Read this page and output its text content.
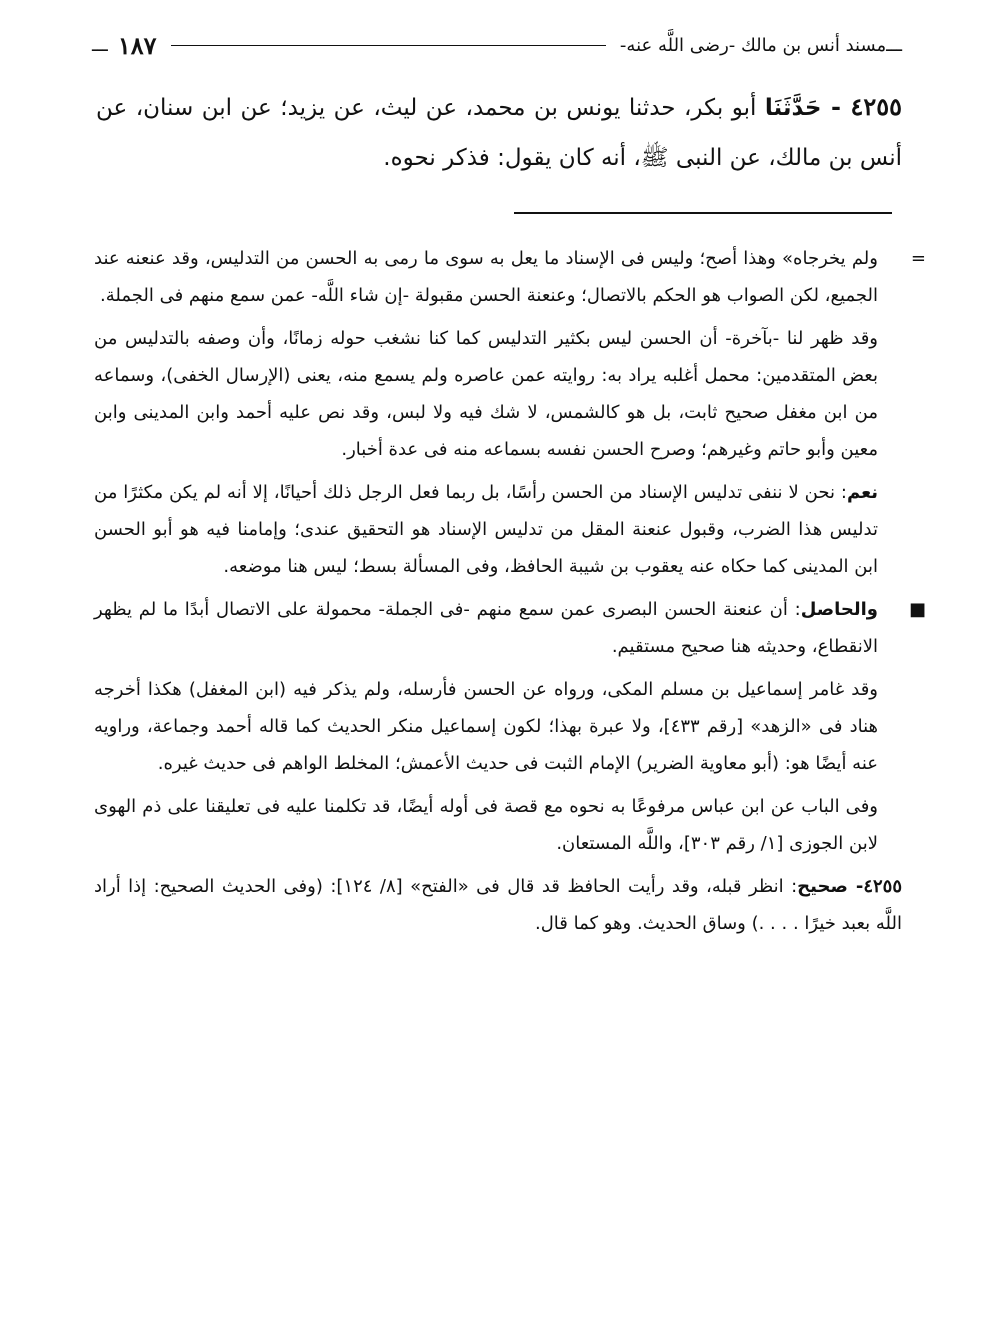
ـــ
مسند أنس بن مالك -رضى اللَّه عنه-
١٨٧
ـــ
٤٢٥٥ - حَدَّثَنَا أبو بكر، حدثنا يونس بن محمد، عن ليث، عن يزيد؛ عن ابن سنان، عن أنس بن مالك، عن النبى ﷺ، أنه كان يقول: فذكر نحوه.

=ولم يخرجاه» وهذا أصح؛ وليس فى الإسناد ما يعل به سوى ما رمى به الحسن من التدليس، وقد عنعنه عند الجميع، لكن الصواب هو الحكم بالاتصال؛ وعنعنة الحسن مقبولة -إن شاء اللَّه- عمن سمع منهم فى الجملة.

وقد ظهر لنا -بآخرة- أن الحسن ليس بكثير التدليس كما كنا نشغب حوله زمانًا، وأن وصفه بالتدليس من بعض المتقدمين: محمل أغلبه يراد به: روايته عمن عاصره ولم يسمع منه، يعنى (الإرسال الخفى)، وسماعه من ابن مغفل صحيح ثابت، بل هو كالشمس، لا شك فيه ولا لبس، وقد نص عليه أحمد وابن المدينى وابن معين وأبو حاتم وغيرهم؛ وصرح الحسن نفسه بسماعه منه فى عدة أخبار.

نعم: نحن لا ننفى تدليس الإسناد من الحسن رأسًا، بل ربما فعل الرجل ذلك أحيانًا، إلا أنه لم يكن مكثرًا من تدليس هذا الضرب، وقبول عنعنة المقل من تدليس الإسناد هو التحقيق عندى؛ وإمامنا فيه هو أبو الحسن ابن المدينى كما حكاه عنه يعقوب بن شيبة الحافظ، وفى المسألة بسط؛ ليس هنا موضعه.

■والحاصل: أن عنعنة الحسن البصرى عمن سمع منهم -فى الجملة- محمولة على الاتصال أبدًا ما لم يظهر الانقطاع، وحديثه هنا صحيح مستقيم.

وقد غامر إسماعيل بن مسلم المكى، ورواه عن الحسن فأرسله، ولم يذكر فيه (ابن المغفل) هكذا أخرجه هناد فى «الزهد» [رقم ٤٣٣]، ولا عبرة بهذا؛ لكون إسماعيل منكر الحديث كما قاله أحمد وجماعة، وراويه عنه أيضًا هو: (أبو معاوية الضرير) الإمام الثبت فى حديث الأعمش؛ المخلط الواهم فى حديث غيره.

وفى الباب عن ابن عباس مرفوعًا به نحوه مع قصة فى أوله أيضًا، قد تكلمنا عليه فى تعليقنا على ذم الهوى لابن الجوزى [١/ رقم ٣٠٣]، واللَّه المستعان.

٤٢٥٥- صحيح: انظر قبله، وقد رأيت الحافظ قد قال فى «الفتح» [٨/ ١٢٤]: (وفى الحديث الصحيح: إذا أراد اللَّه بعبد خيرًا . . . .) وساق الحديث. وهو كما قال.
